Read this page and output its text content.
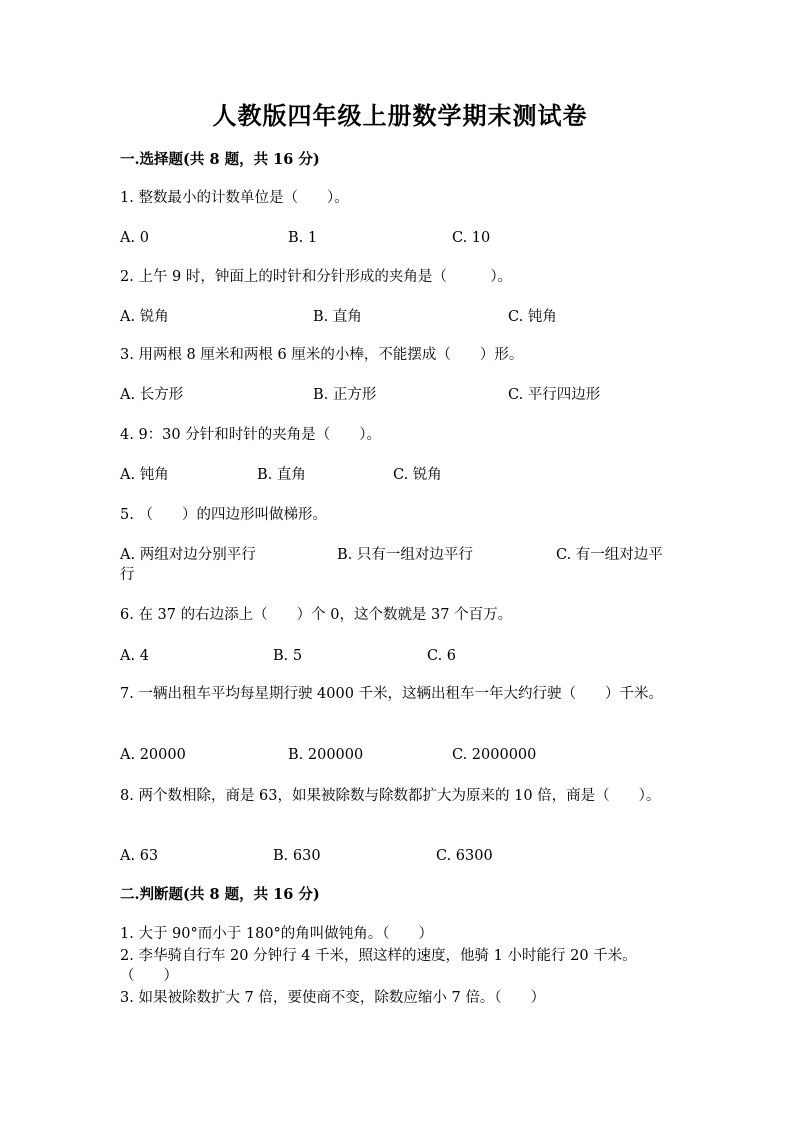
人教版四年级上册数学期末测试卷
一.选择题(共 8 题，共 16 分)
1. 整数最小的计数单位是（　　）。
A. 0	B. 1	C. 10
2. 上午 9 时，钟面上的时针和分针形成的夹角是（　　　）。
A. 锐角	B. 直角	C. 钝角
3. 用两根 8 厘米和两根 6 厘米的小棒，不能摆成（　　）形。
A. 长方形	B. 正方形	C. 平行四边形
4. 9：30 分针和时针的夹角是（　　）。
A. 钝角	B. 直角	C. 锐角
5. （　　）的四边形叫做梯形。
A. 两组对边分别平行	B. 只有一组对边平行	C. 有一组对边平
行
6. 在 37 的右边添上（　　）个 0，这个数就是 37 个百万。
A. 4	B. 5	C. 6
7. 一辆出租车平均每星期行驶 4000 千米，这辆出租车一年大约行驶（　　）千米。
A. 20000	B. 200000	C. 2000000
8. 两个数相除，商是 63，如果被除数与除数都扩大为原来的 10 倍，商是（　　）。
A. 63	B. 630	C. 6300
二.判断题(共 8 题，共 16 分)
1. 大于 90°而小于 180°的角叫做钝角。（　　）
2. 李华骑自行车 20 分钟行 4 千米，照这样的速度，他骑 1 小时能行 20 千米。（　　）
3. 如果被除数扩大 7 倍，要使商不变，除数应缩小 7 倍。（　　）
